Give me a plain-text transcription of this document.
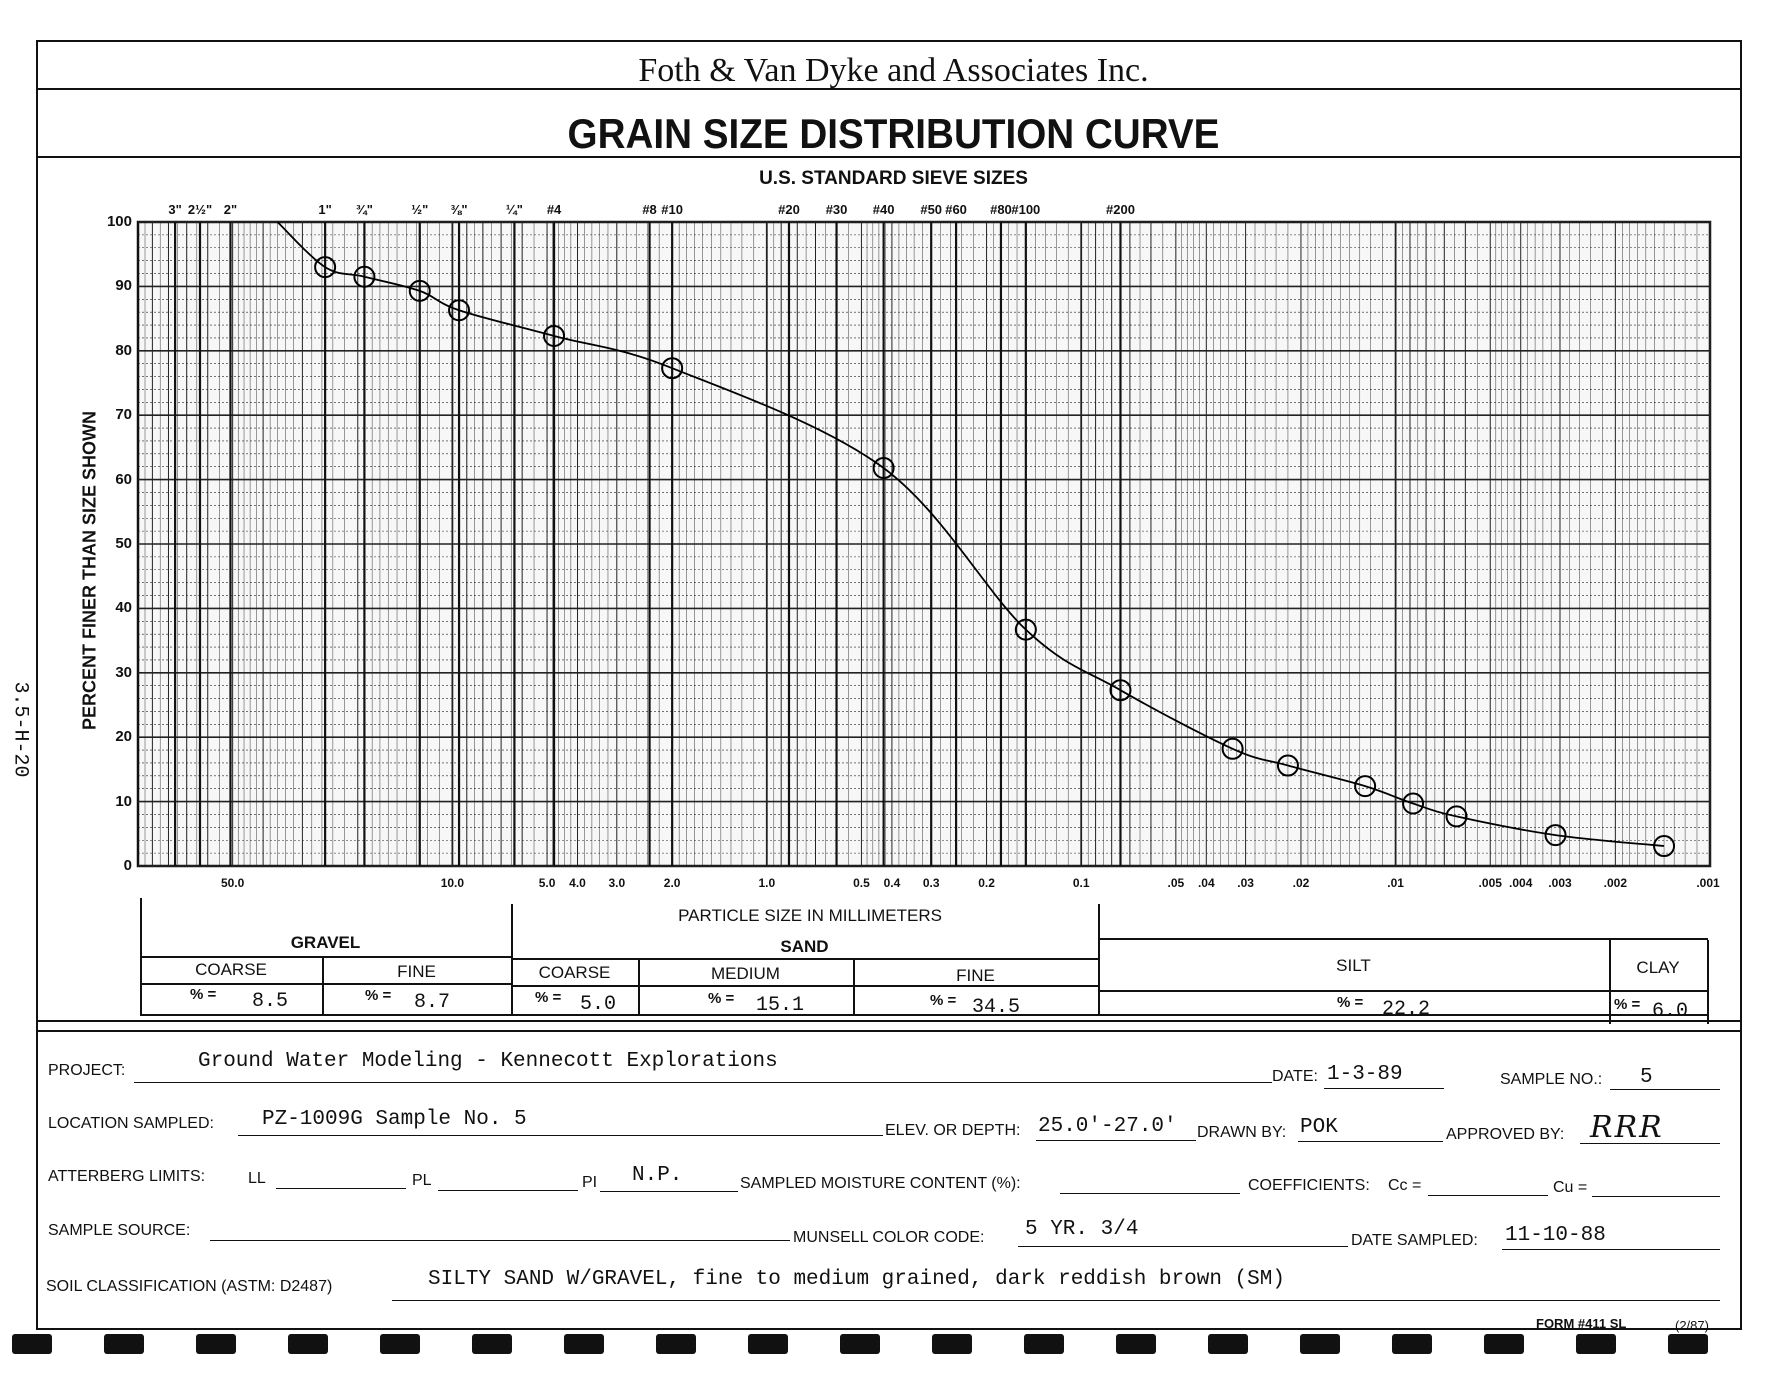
Foth & Van Dyke and Associates Inc.
GRAIN SIZE DISTRIBUTION CURVE
U.S. STANDARD SIEVE SIZES
PERCENT FINER THAN SIZE SHOWN
3.5-H-20
0
10
20
30
40
50
60
70
80
90
100
3" 2½" 2"	1" ¾"	½" ⅜"	¼" #4	#8 #10	#20 #30 #40 #50 #60 #80 #100	#200
50.0	10.0	5.0 4.0 3.0	2.0	1.0	0.5 0.4 0.3	0.2	0.1	.05 .04 .03	.02	.01	.005 .004 .003	.002	.001
PARTICLE SIZE IN MILLIMETERS
GRAVEL	SAND
SILT	CLAY
COARSE	FINE	COARSE	MEDIUM	FINE
% = 8.5	% = 8.7	% = 5.0	% = 15.1	% = 34.5	% = 22.2	% = 6.0
PROJECT:	Ground Water Modeling - Kennecott Explorations
DATE: 1-3-89	SAMPLE NO.: 5
LOCATION SAMPLED: PZ-1009G Sample No. 5	ELEV. OR DEPTH: 25.0'-27.0' DRAWN BY: POK	APPROVED BY: RRR
ATTERBERG LIMITS:	LL	PL	PI N.P.	SAMPLED MOISTURE CONTENT (%):	COEFFICIENTS: Cc =	Cu =
SAMPLE SOURCE:	MUNSELL COLOR CODE: 5 YR. 3/4	DATE SAMPLED: 11-10-88
SOIL CLASSIFICATION (ASTM: D2487)	SILTY SAND W/GRAVEL, fine to medium grained, dark reddish brown (SM)
FORM #411 SL	(2/87)
